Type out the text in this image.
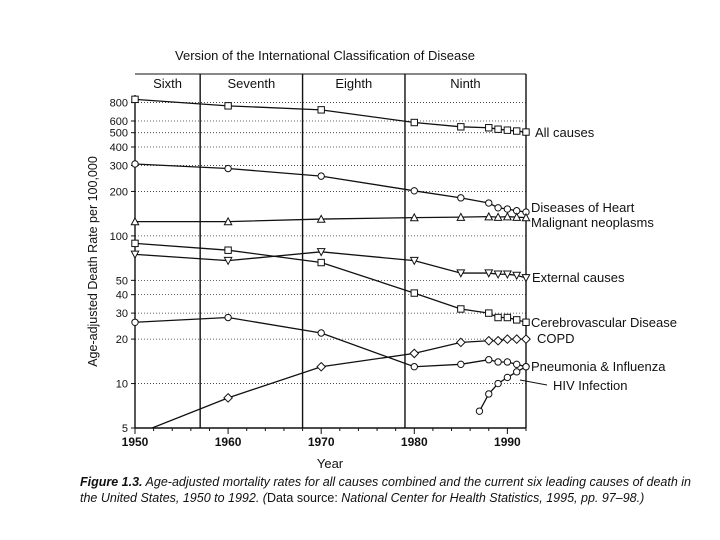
Version of the International Classification of Disease
Sixth	Seventh	Eighth	Ninth
5
10
20
30
40
50
100
200
300
400
500
600
800
1950	1960	1970	1980	1990
Year
Age-adjusted Death Rate per 100,000
All causes
Diseases of Heart
Malignant neoplasms
External causes
Cerebrovascular Disease
COPD
Pneumonia & Influenza
HIV Infection
Figure 1.3. Age-adjusted mortality rates for all causes combined and the current six leading causes of death in the United States, 1950 to 1992. (Data source: National Center for Health Statistics, 1995, pp. 97–98.)
